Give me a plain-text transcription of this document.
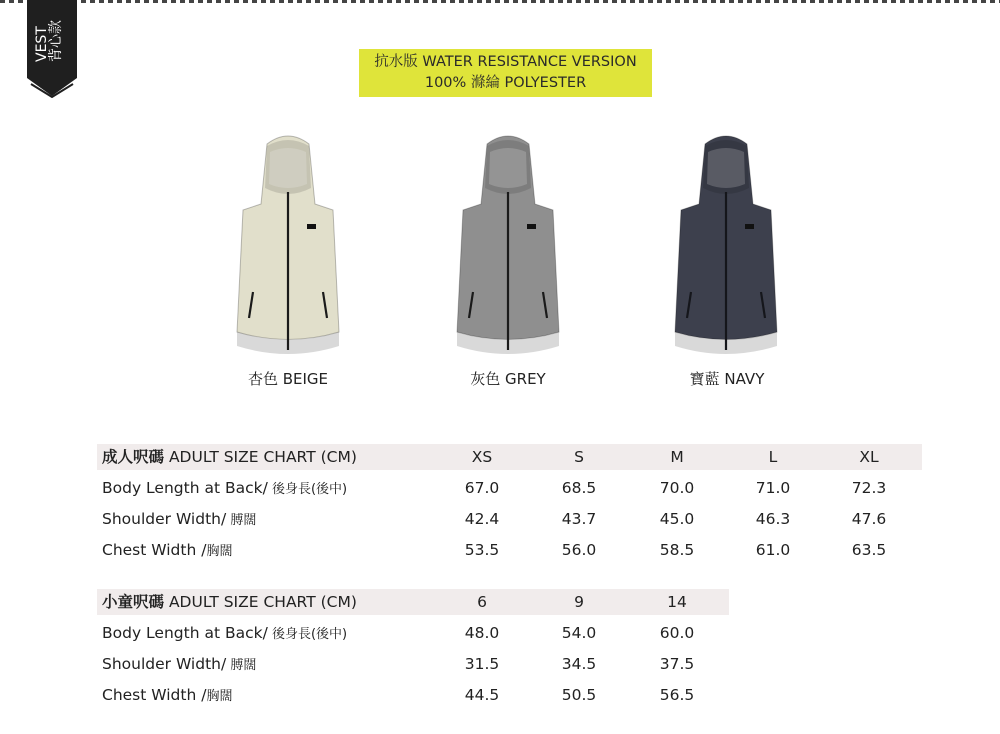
VEST
背心款	抗水版 WATER RESISTANCE VERSION
100% 滌綸 POLYESTER
杏色 BEIGE	灰色 GREY	寶藍 NAVY
成人呎碼 ADULT SIZE CHART (CM)	XS	S	M	L	XL
Body Length at Back/ 後身長(後中)	67.0	68.5	70.0	71.0	72.3
Shoulder Width/ 膊闊	42.4	43.7	45.0	46.3	47.6
Chest Width /胸闊	53.5	56.0	58.5	61.0	63.5
小童呎碼 ADULT SIZE CHART (CM)	6	9	14
Body Length at Back/ 後身長(後中)	48.0	54.0	60.0
Shoulder Width/ 膊闊	31.5	34.5	37.5
Chest Width /胸闊	44.5	50.5	56.5
